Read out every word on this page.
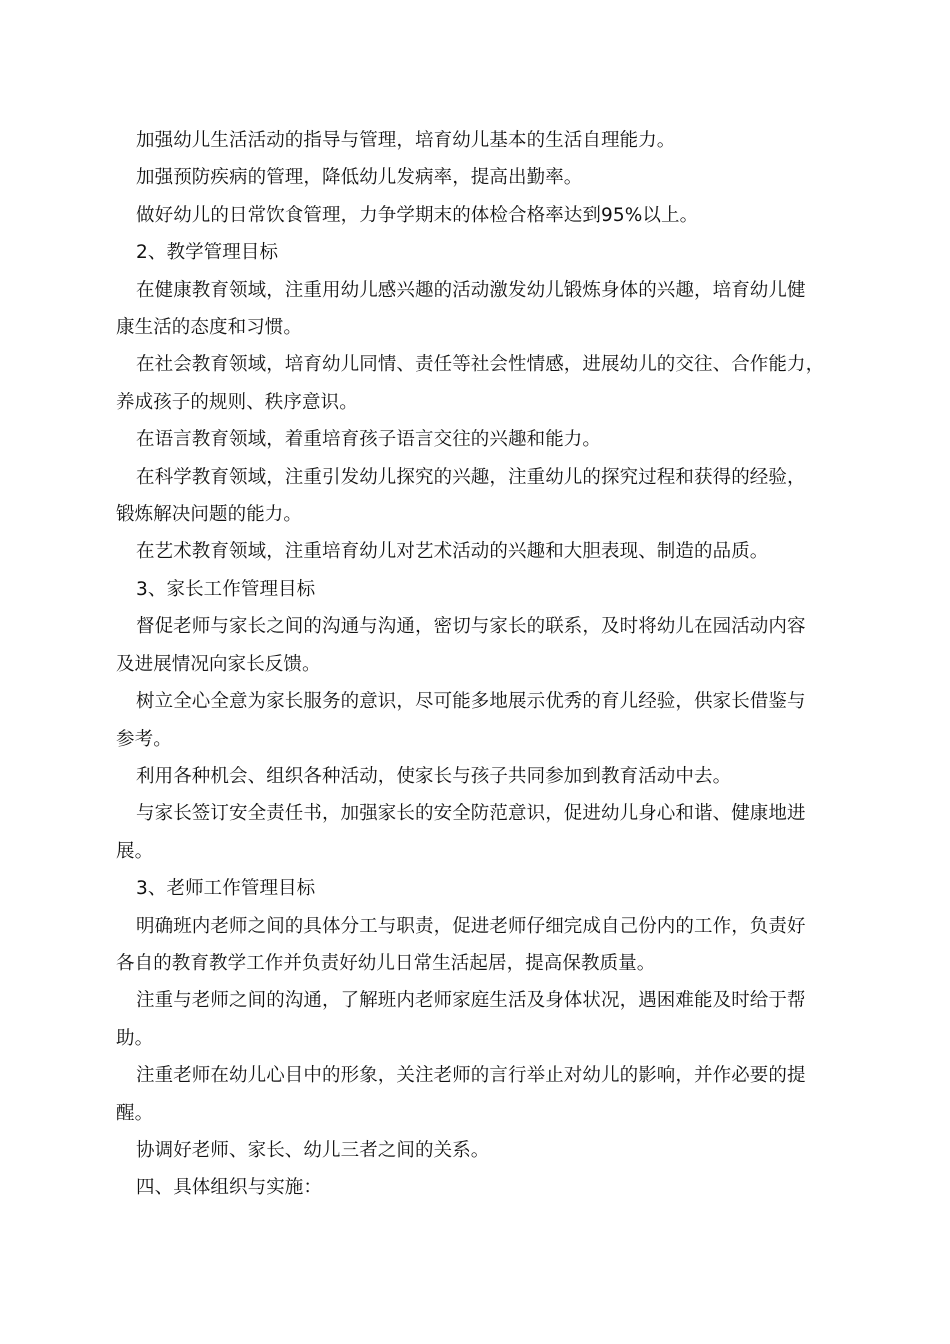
加强幼儿生活活动的指导与管理，培育幼儿基本的生活自理能力。

加强预防疾病的管理，降低幼儿发病率，提高出勤率。

做好幼儿的日常饮食管理，力争学期末的体检合格率达到95%以上。

2、教学管理目标

在健康教育领域，注重用幼儿感兴趣的活动激发幼儿锻炼身体的兴趣，培育幼儿健
康生活的态度和习惯。

在社会教育领域，培育幼儿同情、责任等社会性情感，进展幼儿的交往、合作能力，
养成孩子的规则、秩序意识。

在语言教育领域，着重培育孩子语言交往的兴趣和能力。

在科学教育领域，注重引发幼儿探究的兴趣，注重幼儿的探究过程和获得的经验，
锻炼解决问题的能力。

在艺术教育领域，注重培育幼儿对艺术活动的兴趣和大胆表现、制造的品质。

3、家长工作管理目标

督促老师与家长之间的沟通与沟通，密切与家长的联系，及时将幼儿在园活动内容
及进展情况向家长反馈。

树立全心全意为家长服务的意识，尽可能多地展示优秀的育儿经验，供家长借鉴与
参考。

利用各种机会、组织各种活动，使家长与孩子共同参加到教育活动中去。

与家长签订安全责任书，加强家长的安全防范意识，促进幼儿身心和谐、健康地进
展。

3、老师工作管理目标

明确班内老师之间的具体分工与职责，促进老师仔细完成自己份内的工作，负责好
各自的教育教学工作并负责好幼儿日常生活起居，提高保教质量。

注重与老师之间的沟通，了解班内老师家庭生活及身体状况，遇困难能及时给于帮
助。

注重老师在幼儿心目中的形象，关注老师的言行举止对幼儿的影响，并作必要的提
醒。

协调好老师、家长、幼儿三者之间的关系。

四、具体组织与实施：
